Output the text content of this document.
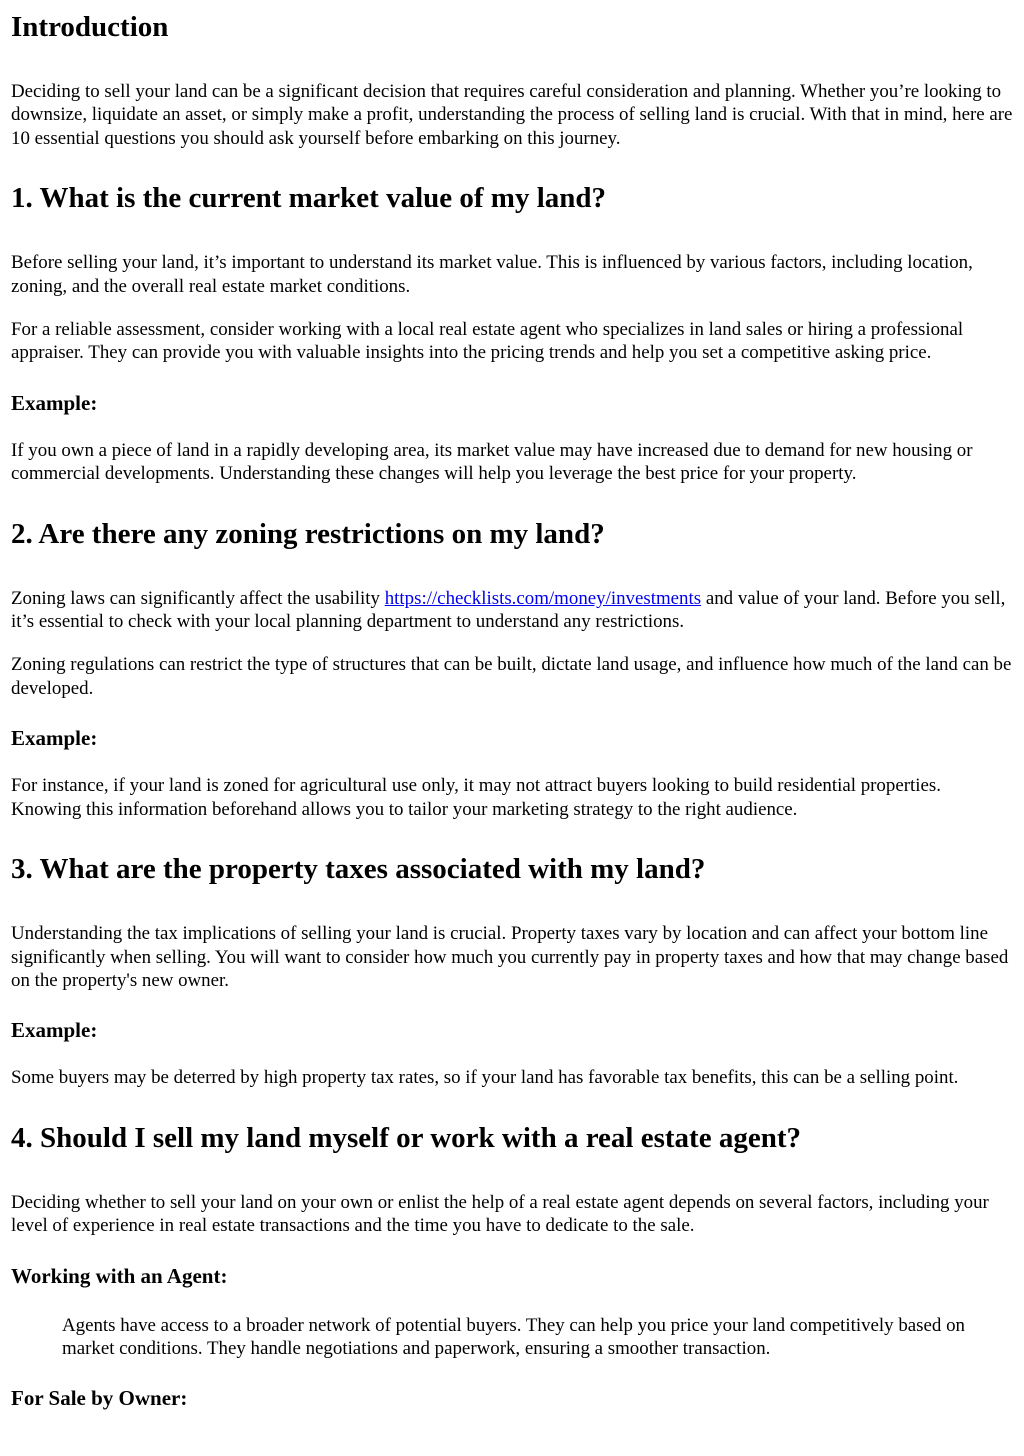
Introduction

Deciding to sell your land can be a significant decision that requires careful consideration and planning. Whether you’re looking to downsize, liquidate an asset, or simply make a profit, understanding the process of selling land is crucial. With that in mind, here are 10 essential questions you should ask yourself before embarking on this journey.

1. What is the current market value of my land?

Before selling your land, it’s important to understand its market value. This is influenced by various factors, including location, zoning, and the overall real estate market conditions.

For a reliable assessment, consider working with a local real estate agent who specializes in land sales or hiring a professional appraiser. They can provide you with valuable insights into the pricing trends and help you set a competitive asking price.

Example:

If you own a piece of land in a rapidly developing area, its market value may have increased due to demand for new housing or commercial developments. Understanding these changes will help you leverage the best price for your property.

2. Are there any zoning restrictions on my land?

Zoning laws can significantly affect the usability https://checklists.com/money/investments and value of your land. Before you sell, it’s essential to check with your local planning department to understand any restrictions.

Zoning regulations can restrict the type of structures that can be built, dictate land usage, and influence how much of the land can be developed.

Example:

For instance, if your land is zoned for agricultural use only, it may not attract buyers looking to build residential properties. Knowing this information beforehand allows you to tailor your marketing strategy to the right audience.

3. What are the property taxes associated with my land?

Understanding the tax implications of selling your land is crucial. Property taxes vary by location and can affect your bottom line significantly when selling. You will want to consider how much you currently pay in property taxes and how that may change based on the property's new owner.

Example:

Some buyers may be deterred by high property tax rates, so if your land has favorable tax benefits, this can be a selling point.

4. Should I sell my land myself or work with a real estate agent?

Deciding whether to sell your land on your own or enlist the help of a real estate agent depends on several factors, including your level of experience in real estate transactions and the time you have to dedicate to the sale.

Working with an Agent:

Agents have access to a broader network of potential buyers. They can help you price your land competitively based on market conditions. They handle negotiations and paperwork, ensuring a smoother transaction.

For Sale by Owner:
